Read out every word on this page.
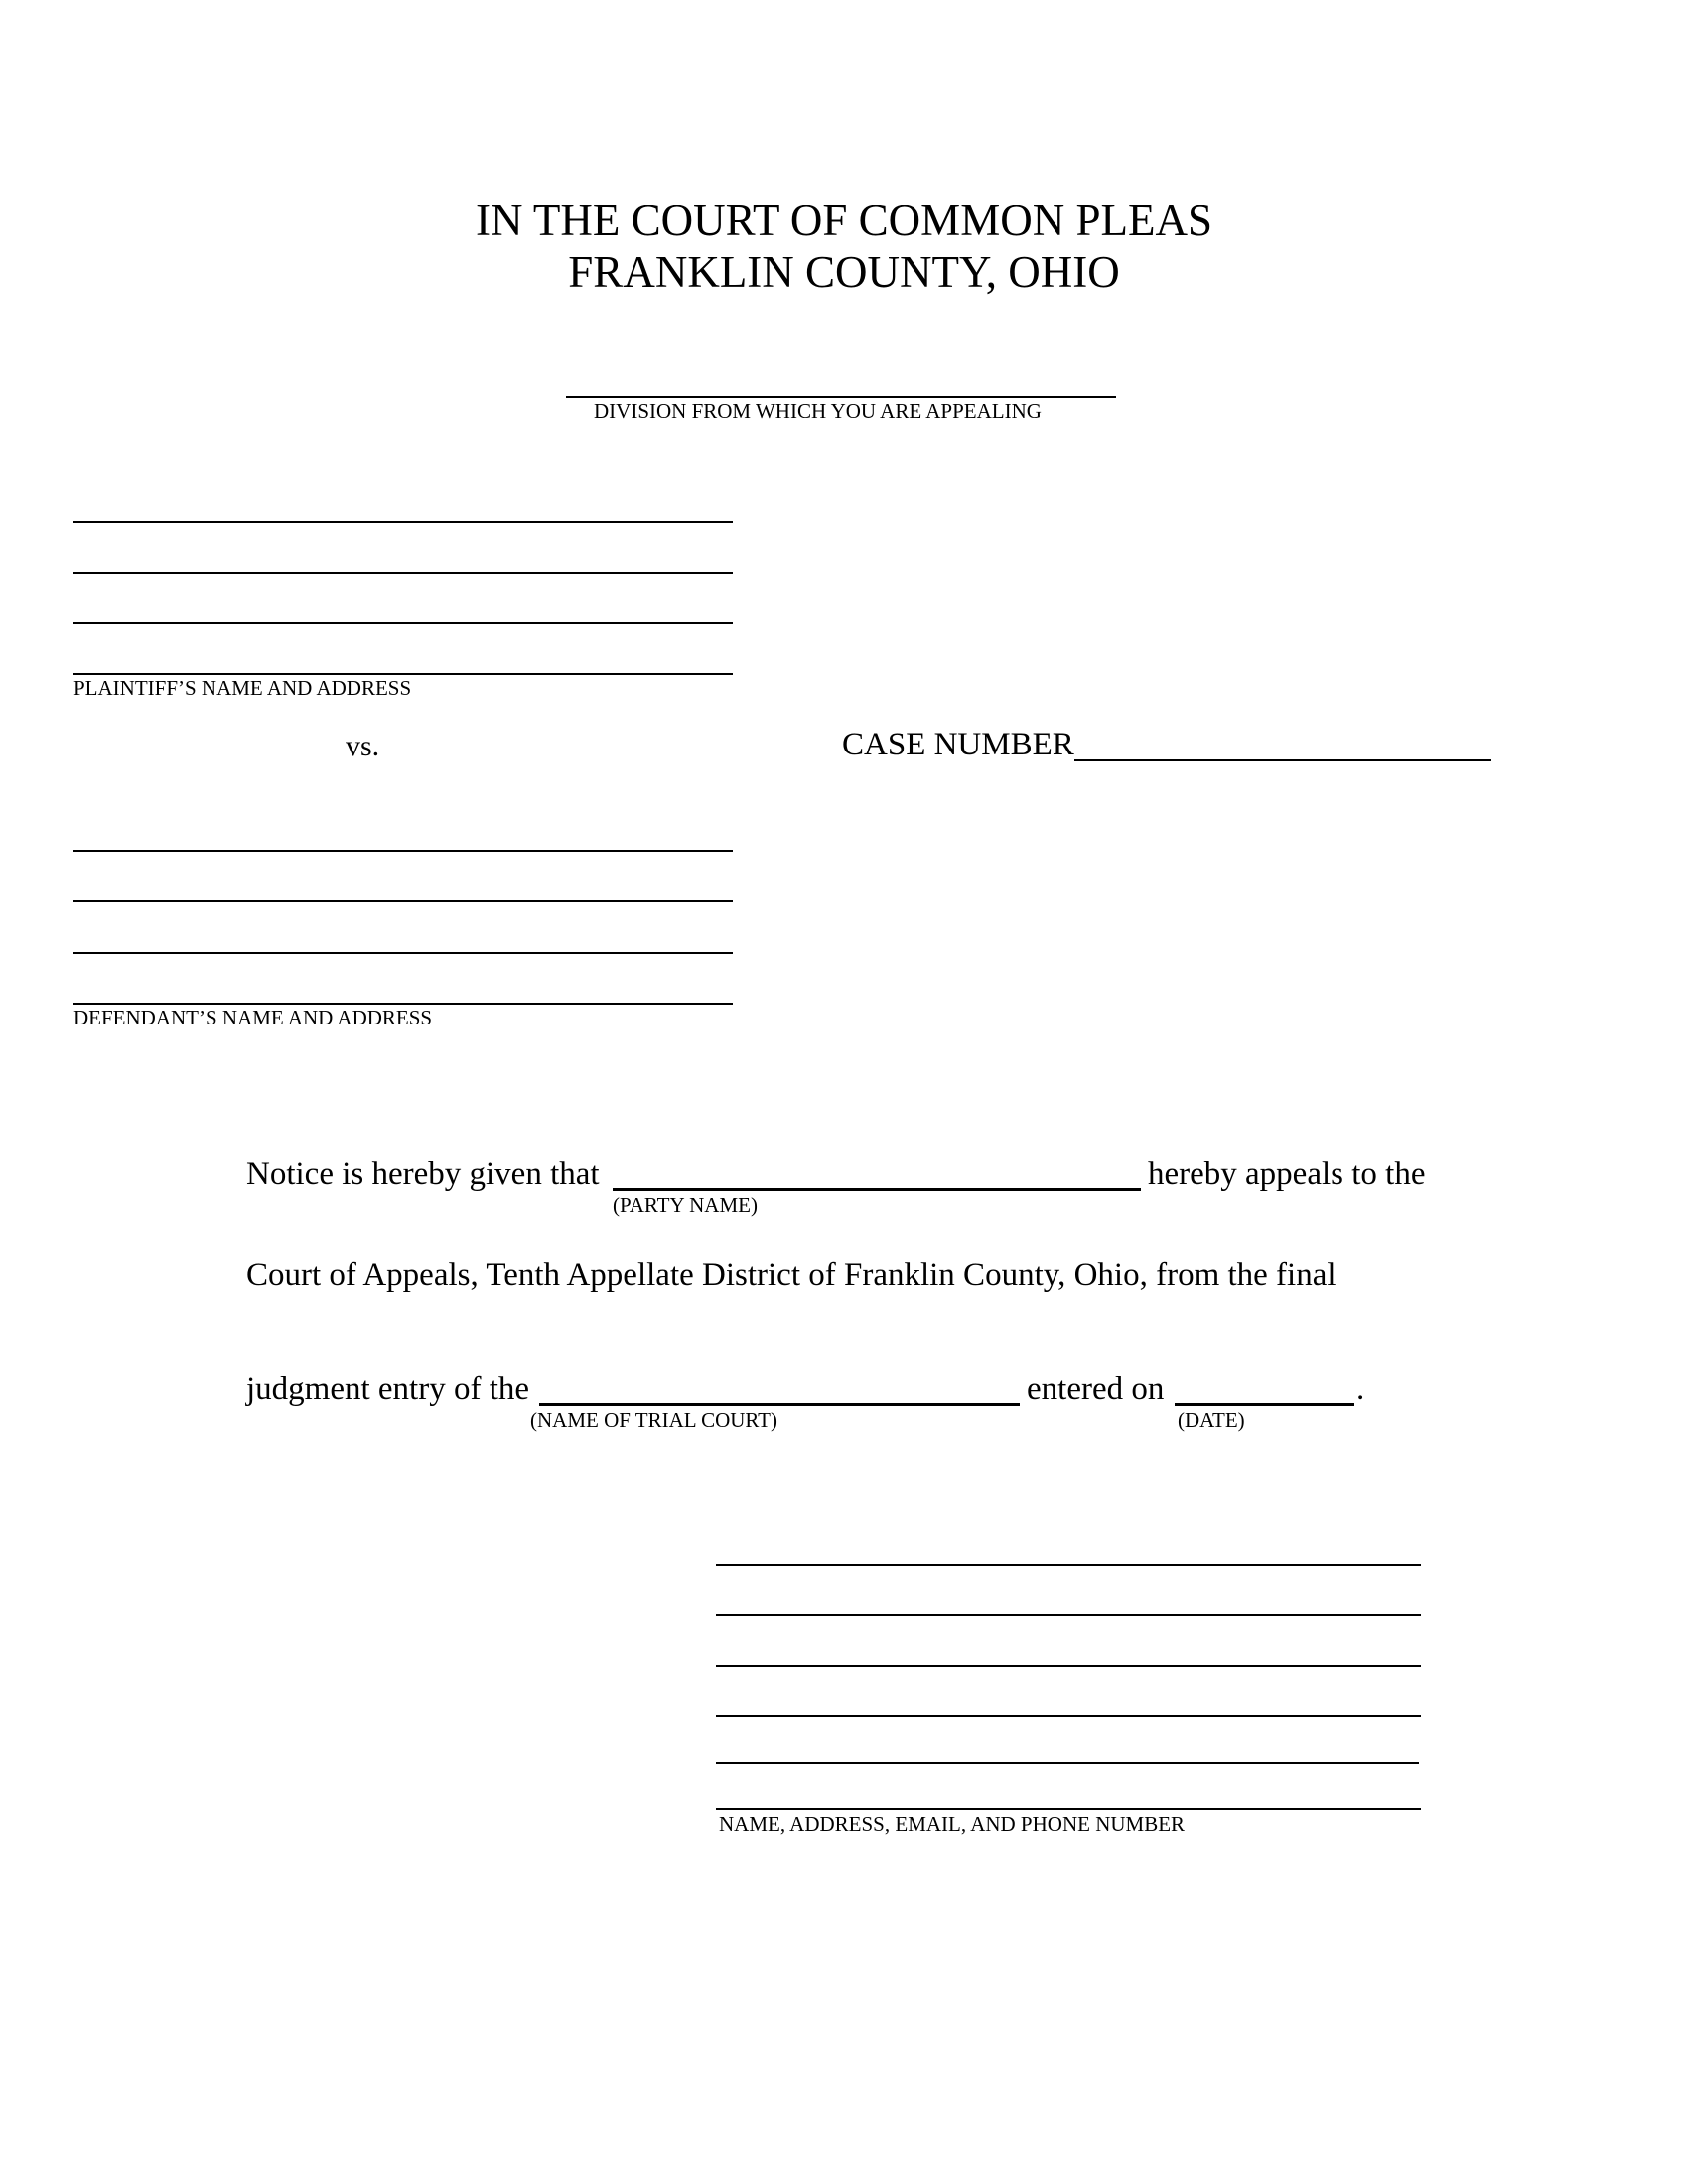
IN THE COURT OF COMMON PLEAS
FRANKLIN COUNTY, OHIO
DIVISION FROM WHICH YOU ARE APPEALING
PLAINTIFF’S NAME AND ADDRESS
vs.	CASE NUMBER
DEFENDANT’S NAME AND ADDRESS
Notice is hereby given that
(PARTY NAME)
hereby appeals to the
Court of Appeals, Tenth Appellate District of Franklin County, Ohio, from the final
judgment entry of the
(NAME OF TRIAL COURT)
entered on
(DATE)
.
NAME, ADDRESS, EMAIL, AND PHONE NUMBER
